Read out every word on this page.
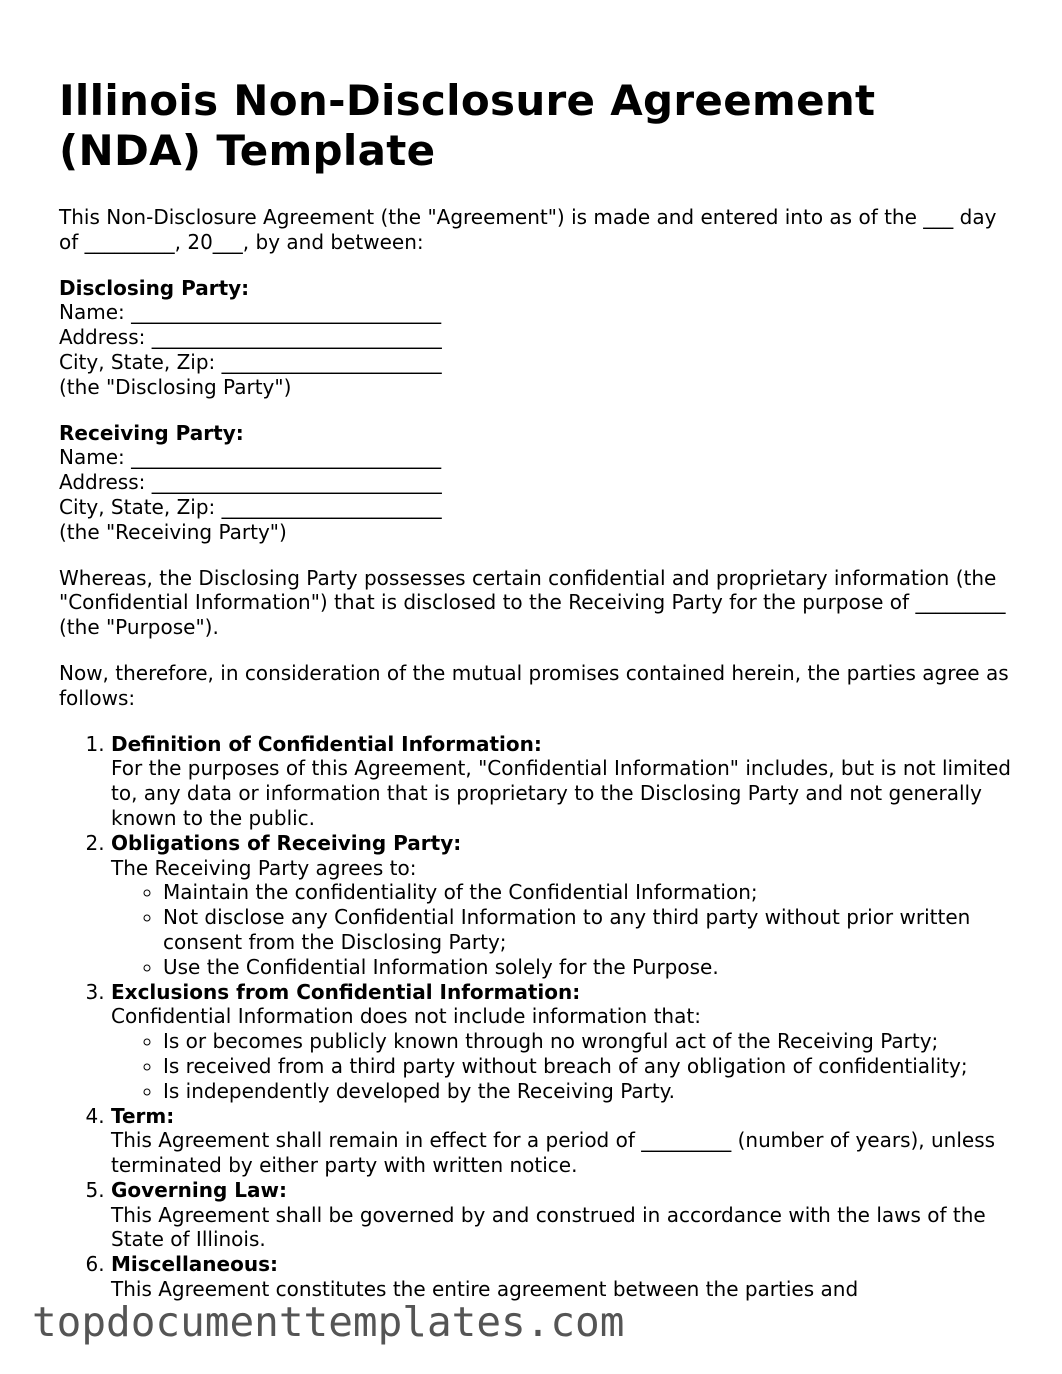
Illinois Non-Disclosure Agreement (NDA) Template

This Non-Disclosure Agreement (the "Agreement") is made and entered into as of the ___ day of _________, 20___, by and between:

Disclosing Party:
Name: _______________________________
Address: _____________________________
City, State, Zip: ______________________
(the "Disclosing Party")
Receiving Party:
Name: _______________________________
Address: _____________________________
City, State, Zip: ______________________
(the "Receiving Party")

Whereas, the Disclosing Party possesses certain confidential and proprietary information (the "Confidential Information") that is disclosed to the Receiving Party for the purpose of _________ (the "Purpose").

Now, therefore, in consideration of the mutual promises contained herein, the parties agree as follows:

1. Definition of Confidential Information:
For the purposes of this Agreement, "Confidential Information" includes, but is not limited to, any data or information that is proprietary to the Disclosing Party and not generally known to the public.
2. Obligations of Receiving Party:
The Receiving Party agrees to:
◦ Maintain the confidentiality of the Confidential Information;
◦ Not disclose any Confidential Information to any third party without prior written consent from the Disclosing Party;
◦ Use the Confidential Information solely for the Purpose.
3. Exclusions from Confidential Information:
Confidential Information does not include information that:
◦ Is or becomes publicly known through no wrongful act of the Receiving Party;
◦ Is received from a third party without breach of any obligation of confidentiality;
◦ Is independently developed by the Receiving Party.
4. Term:
This Agreement shall remain in effect for a period of _________ (number of years), unless terminated by either party with written notice.
5. Governing Law:
This Agreement shall be governed by and construed in accordance with the laws of the State of Illinois.
6. Miscellaneous:
This Agreement constitutes the entire agreement between the parties and
topdocumenttemplates.com
